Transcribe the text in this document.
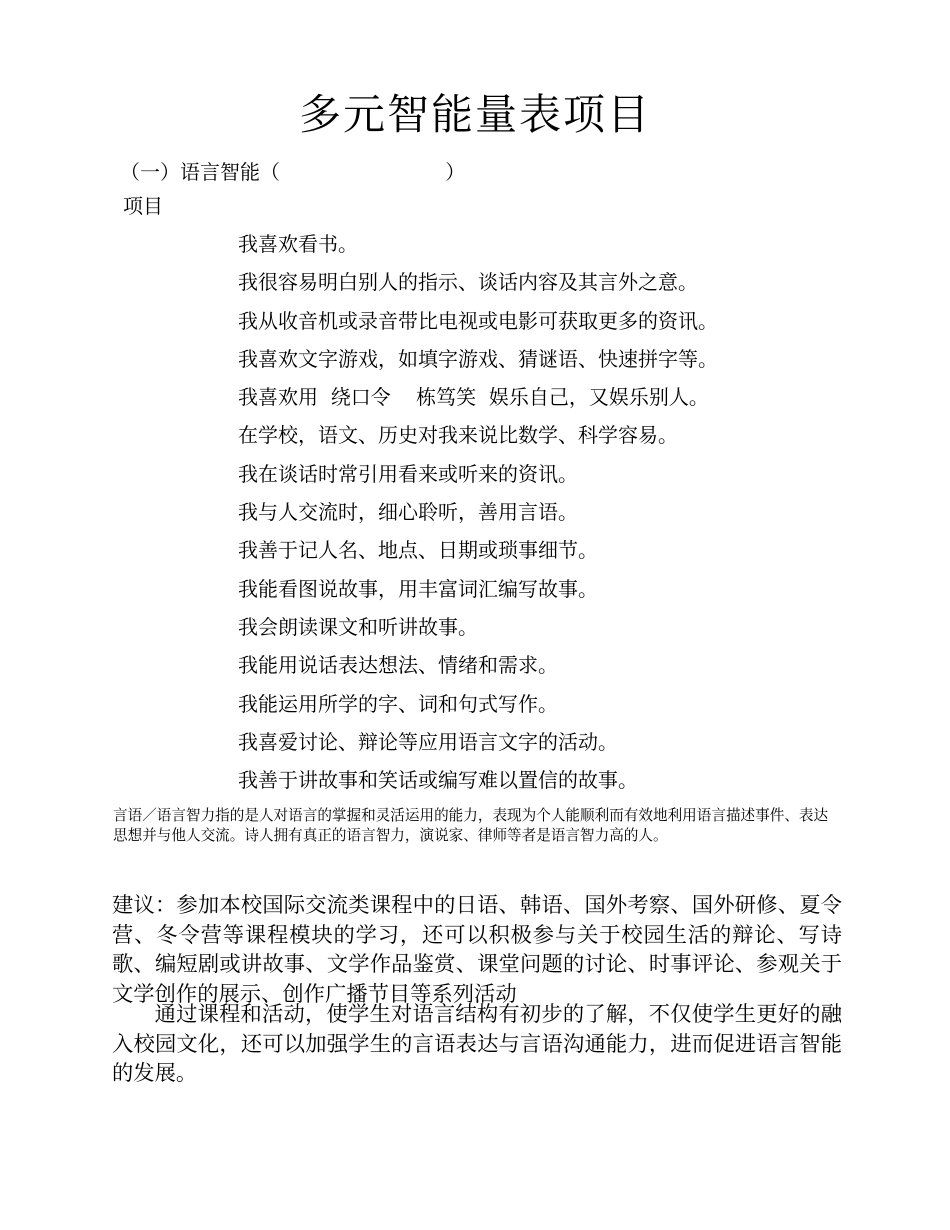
多元智能量表项目
（一）语言智能（                          ）
项目
我喜欢看书。
我很容易明白别人的指示、谈话内容及其言外之意。
我从收音机或录音带比电视或电影可获取更多的资讯。
我喜欢文字游戏，如填字游戏、猜谜语、快速拼字等。
我喜欢用  绕口令    栋笃笑  娱乐自己，又娱乐别人。
在学校，语文、历史对我来说比数学、科学容易。
我在谈话时常引用看来或听来的资讯。
我与人交流时，细心聆听，善用言语。
我善于记人名、地点、日期或琐事细节。
我能看图说故事，用丰富词汇编写故事。
我会朗读课文和听讲故事。
我能用说话表达想法、情绪和需求。
我能运用所学的字、词和句式写作。
我喜爱讨论、辩论等应用语言文字的活动。
我善于讲故事和笑话或编写难以置信的故事。

言语／语言智力指的是人对语言的掌握和灵活运用的能力，表现为个人能顺利而有效地利用语言描述事件、表达思想并与他人交流。诗人拥有真正的语言智力，演说家、律师等者是语言智力高的人。

建议：参加本校国际交流类课程中的日语、韩语、国外考察、国外研修、夏令营、冬令营等课程模块的学习，还可以积极参与关于校园生活的辩论、写诗歌、编短剧或讲故事、文学作品鉴赏、课堂问题的讨论、时事评论、参观关于文学创作的展示、创作广播节目等系列活动

通过课程和活动，使学生对语言结构有初步的了解，不仅使学生更好的融入校园文化，还可以加强学生的言语表达与言语沟通能力，进而促进语言智能的发展。
